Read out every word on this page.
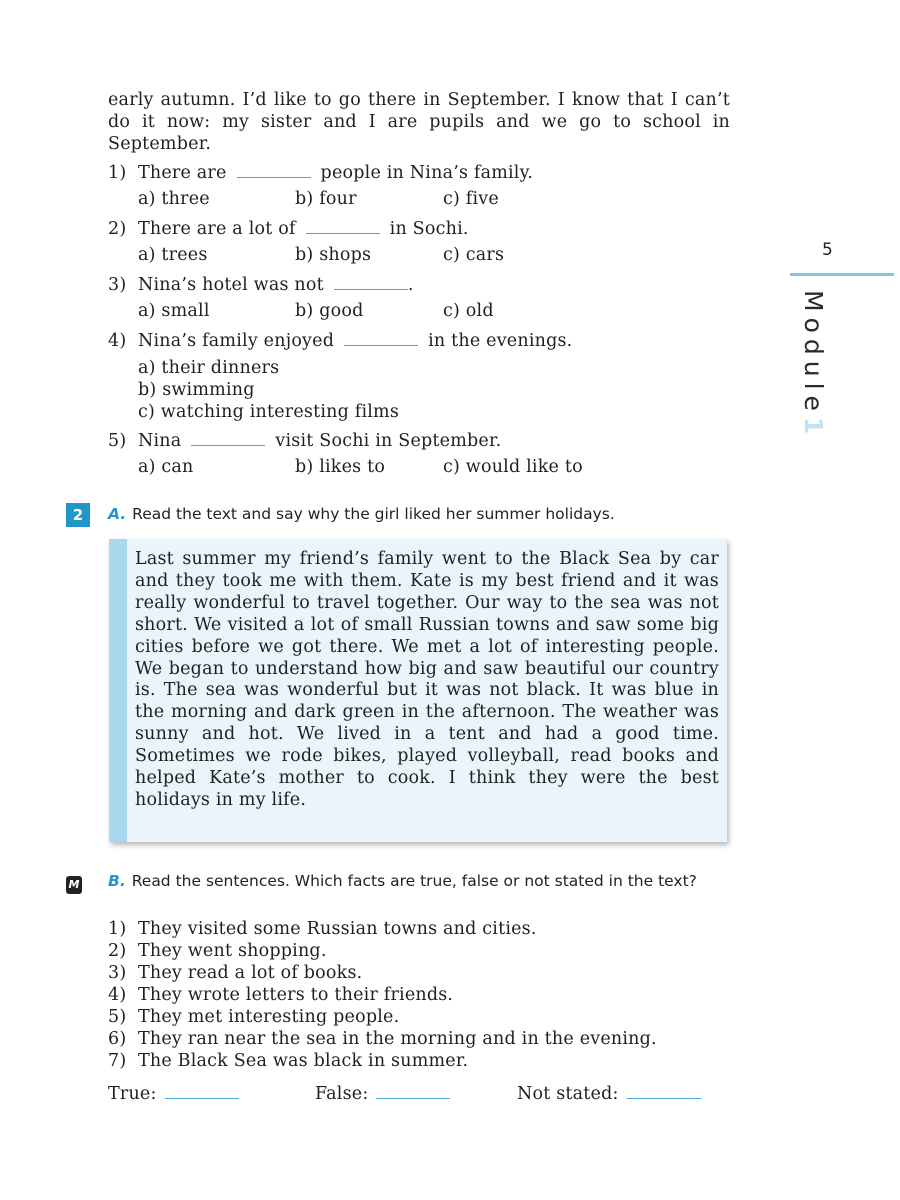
early autumn. I’d like to go there in September. I know that I can’t do it now: my sister and I are pupils and we go to school in September.
1) There are	people in Nina’s family.
a) three	b) four	c) five
2) There are a lot of	in Sochi.
a) trees	b) shops	c) cars
3) Nina’s hotel was not	.
a) small	b) good	c) old
4) Nina’s family enjoyed	in the evenings.
a) their dinners
b) swimming
c) watching interesting films
5) Nina	visit Sochi in September.
a) can	b) likes to	c) would like to
2	A. Read the text and say why the girl liked her summer holidays.
Last summer my friend’s family went to the Black Sea by car and they took me with them. Kate is my best friend and it was really wonderful to travel together. Our way to the sea was not short. We visited a lot of small Russian towns and saw some big cities before we got there. We met a lot of interesting people. We began to understand how big and saw beautiful our country is. The sea was wonderful but it was not black. It was blue in the morning and dark green in the afternoon. The weather was sunny and hot. We lived in a tent and had a good time. Sometimes we rode bikes, played volleyball, read books and helped Kate’s mother to cook. I think they were the best holidays in my life.
M B. Read the sentences. Which facts are true, false or not stated in the text?
1) They visited some Russian towns and cities.
2) They went shopping.
3) They read a lot of books.
4) They wrote letters to their friends.
5) They met interesting people.
6) They ran near the sea in the morning and in the evening.
7) The Black Sea was black in summer.
True:	False:	Not stated:
5
Module1
